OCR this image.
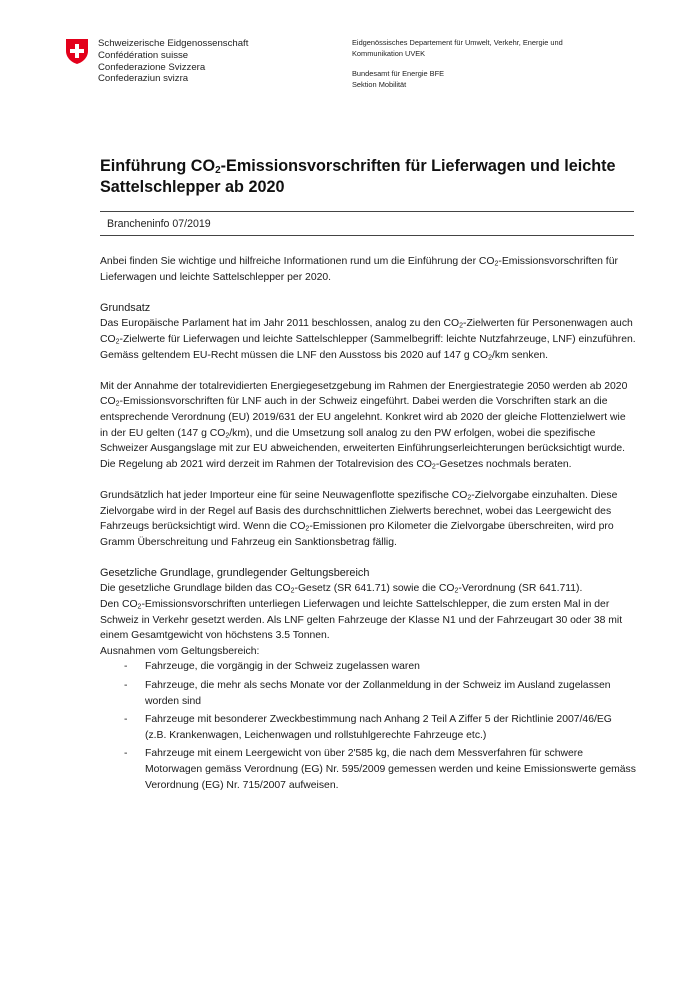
Schweizerische Eidgenossenschaft
Confédération suisse
Confederazione Svizzera
Confederaziun svizra
Eidgenössisches Departement für Umwelt, Verkehr, Energie und
Kommunikation UVEK
Bundesamt für Energie BFE
Sektion Mobilität
Einführung $CO_2$-Emissionsvorschriften für Lieferwagen und leichte Sattelschlepper ab 2020
Brancheninfo 07/2019

Anbei finden Sie wichtige und hilfreiche Informationen rund um die Einführung der $CO_2$-Emissionsvorschriften für Lieferwagen und leichte Sattelschlepper per 2020.

Grundsatz

Das Europäische Parlament hat im Jahr 2011 beschlossen, analog zu den $CO_2$-Zielwerten für Personenwagen auch $CO_2$-Zielwerte für Lieferwagen und leichte Sattelschlepper (Sammelbegriff: leichte Nutzfahrzeuge, LNF) einzuführen. Gemäss geltendem EU-Recht müssen die LNF den Ausstoss bis 2020 auf 147 g $CO_2/km$ senken.

Mit der Annahme der totalrevidierten Energiegesetzgebung im Rahmen der Energiestrategie 2050 werden ab 2020 $CO_2$-Emissionsvorschriften für LNF auch in der Schweiz eingeführt. Dabei werden die Vorschriften stark an die entsprechende Verordnung (EU) 2019/631 der EU angelehnt. Konkret wird ab 2020 der gleiche Flottenzielwert wie in der EU gelten (147 g $CO_2/km$), und die Umsetzung soll analog zu den PW erfolgen, wobei die spezifische Schweizer Ausgangslage mit zur EU abweichenden, erweiterten Einführungserleichterungen berücksichtigt wurde. Die Regelung ab 2021 wird derzeit im Rahmen der Totalrevision des $CO_2$-Gesetzes nochmals beraten.

Grundsätzlich hat jeder Importeur eine für seine Neuwagenflotte spezifische $CO_2$-Zielvorgabe einzuhalten. Diese Zielvorgabe wird in der Regel auf Basis des durchschnittlichen Zielwerts berechnet, wobei das Leergewicht des Fahrzeugs berücksichtigt wird. Wenn die $CO_2$-Emissionen pro Kilometer die Zielvorgabe überschreiten, wird pro Gramm Überschreitung und Fahrzeug ein Sanktionsbetrag fällig.

Gesetzliche Grundlage, grundlegender Geltungsbereich

Die gesetzliche Grundlage bilden das $CO_2$-Gesetz (SR 641.71) sowie die $CO_2$-Verordnung (SR 641.711).

Den $CO_2$-Emissionsvorschriften unterliegen Lieferwagen und leichte Sattelschlepper, die zum ersten Mal in der Schweiz in Verkehr gesetzt werden. Als LNF gelten Fahrzeuge der Klasse N1 und der Fahrzeugart 30 oder 38 mit einem Gesamtgewicht von höchstens 3.5 Tonnen.

Ausnahmen vom Geltungsbereich:

- Fahrzeuge, die vorgängig in der Schweiz zugelassen waren
- Fahrzeuge, die mehr als sechs Monate vor der Zollanmeldung in der Schweiz im Ausland zugelassen worden sind
- Fahrzeuge mit besonderer Zweckbestimmung nach Anhang 2 Teil A Ziffer 5 der Richtlinie 2007/46/EG (z.B. Krankenwagen, Leichenwagen und rollstuhlgerechte Fahrzeuge etc.)
- Fahrzeuge mit einem Leergewicht von über 2'585 kg, die nach dem Messverfahren für schwere Motorwagen gemäss Verordnung (EG) Nr. 595/2009 gemessen werden und keine Emissionswerte gemäss Verordnung (EG) Nr. 715/2007 aufweisen.
